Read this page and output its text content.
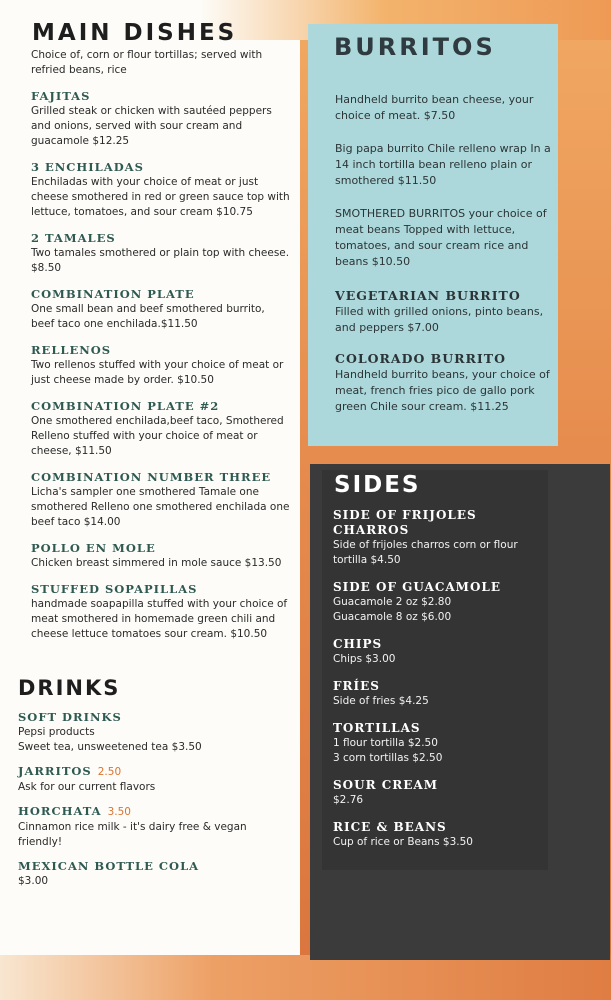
MAIN DISHES

Choice of, corn or flour tortillas; served with refried beans, rice

FAJITAS

Grilled steak or chicken with sautéed peppers and onions, served with sour cream and guacamole $12.25

3 ENCHILADAS

Enchiladas with your choice of meat or just cheese smothered in red or green sauce top with lettuce, tomatoes, and sour cream $10.75

2 TAMALES

Two tamales smothered or plain top with cheese. $8.50

COMBINATION PLATE

One small bean and beef smothered burrito, beef taco one enchilada.$11.50

RELLENOS

Two rellenos stuffed with your choice of meat or just cheese made by order. $10.50

COMBINATION PLATE #2

One smothered enchilada,beef taco, Smothered Relleno stuffed with your choice of meat or cheese, $11.50

COMBINATION NUMBER THREE

Licha's sampler one smothered Tamale one smothered Relleno one smothered enchilada one beef taco $14.00

POLLO EN MOLE

Chicken breast simmered in mole sauce $13.50

STUFFED SOPAPILLAS

handmade soapapilla stuffed with your choice of meat smothered in homemade green chili and cheese lettuce tomatoes sour cream. $10.50

DRINKS

SOFT DRINKS

Pepsi products

Sweet tea, unsweetened tea $3.50

JARRITOS 2.50

Ask for our current flavors

HORCHATA 3.50

Cinnamon rice milk - it's dairy free & vegan friendly!

MEXICAN BOTTLE COLA

$3.00

BURRITOS

Handheld burrito bean cheese, your choice of meat. $7.50

Big papa burrito Chile relleno wrap In a 14 inch tortilla bean relleno plain or smothered $11.50

SMOTHERED BURRITOS your choice of meat beans Topped with lettuce, tomatoes, and sour cream rice and beans $10.50

VEGETARIAN BURRITO

Filled with grilled onions, pinto beans, and peppers $7.00

COLORADO BURRITO

Handheld burrito beans, your choice of meat, french fries pico de gallo pork green Chile sour cream. $11.25

SIDES

SIDE OF FRIJOLES CHARROS

Side of frijoles charros corn or flour tortilla $4.50

SIDE OF GUACAMOLE

Guacamole 2 oz $2.80

Guacamole 8 oz $6.00

CHIPS

Chips $3.00

FRÍES

Side of fries $4.25

TORTILLAS

1 flour tortilla $2.50

3 corn tortillas $2.50

SOUR CREAM

$2.76

RICE & BEANS

Cup of rice or Beans $3.50
